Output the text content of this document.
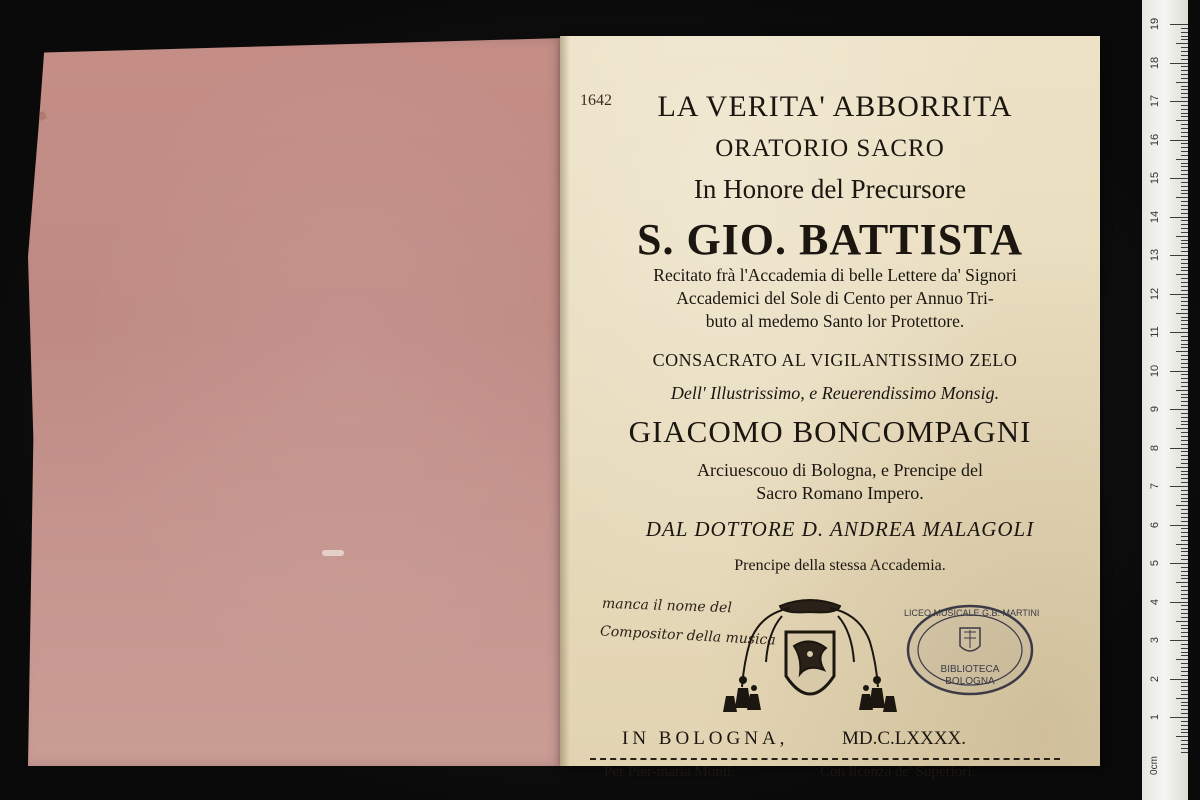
1642	LA VERITA' ABBORRITA
ORATORIO SACRO
In Honore del Precursore
S. GIO. BATTISTA
Recitato frà l'Accademia di belle Lettere da' Signori
Accademici del Sole di Cento per Annuo Tri-
buto al medemo Santo lor Protettore.
CONSACRATO AL VIGILANTISSIMO ZELO
Dell' Illustrissimo, e Reuerendissimo Monsig.
GIACOMO BONCOMPAGNI
Arciuescouo di Bologna, e Prencipe del
Sacro Romano Impero.
DAL DOTTORE D. ANDREA MALAGOLI
Prencipe della stessa Accademia.
manca il nome del
Compositor della musica
LICEO MUSICALE G.B. MARTINI
BIBLIOTECA
BOLOGNA
IN BOLOGNA,	MD.C.LXXXX.
Per Pier-maria Monti.	Con licenza de' Superiori.
19
18
17
16
15
14
13
12
11
10
9
8
7
6
5
4
3
2
1
0cm
